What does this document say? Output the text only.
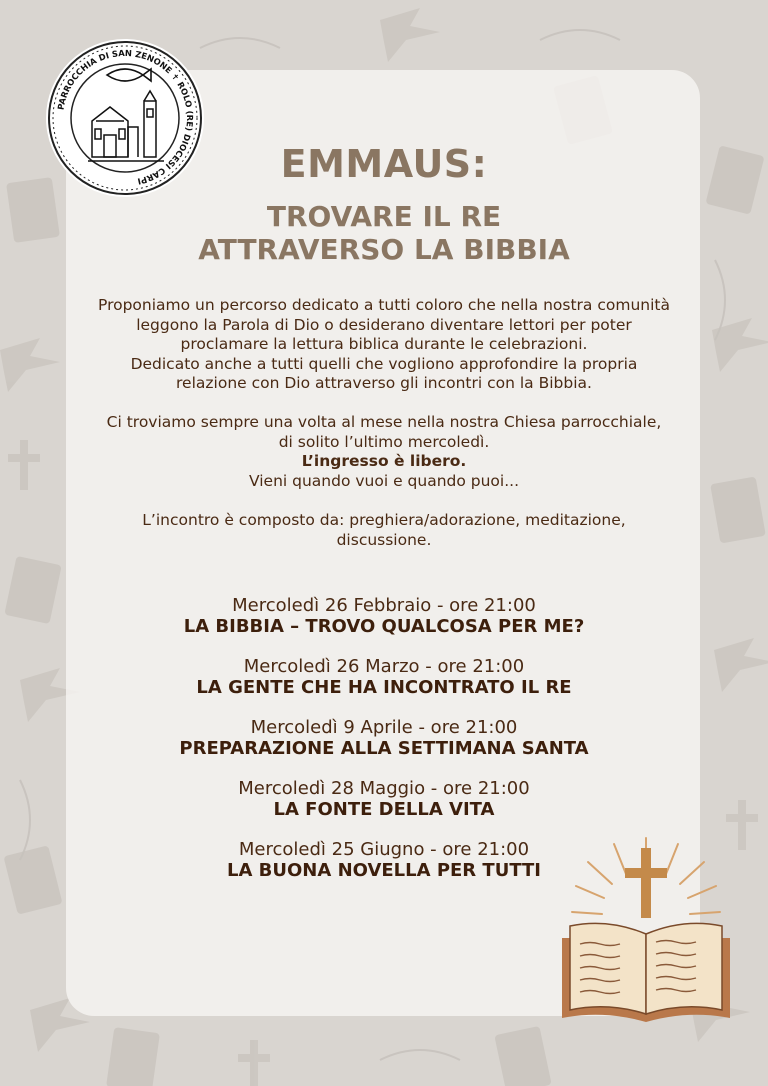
PARROCCHIA DI SAN ZENONE ✝ ROLO (RE) DIOCESI CARPI	EMMAUS:
TROVARE IL RE
ATTRAVERSO LA BIBBIA
Proponiamo un percorso dedicato a tutti coloro che nella nostra comunità
leggono la Parola di Dio o desiderano diventare lettori per poter
proclamare la lettura biblica durante le celebrazioni.
Dedicato anche a tutti quelli che vogliono approfondire la propria
relazione con Dio attraverso gli incontri con la Bibbia.
Ci troviamo sempre una volta al mese nella nostra Chiesa parrocchiale,
di solito l’ultimo mercoledì.
L’ingresso è libero.
Vieni quando vuoi e quando puoi...
L’incontro è composto da: preghiera/adorazione, meditazione,
discussione.
Mercoledì 26 Febbraio - ore 21:00
LA BIBBIA – TROVO QUALCOSA PER ME?
Mercoledì 26 Marzo - ore 21:00
LA GENTE CHE HA INCONTRATO IL RE
Mercoledì 9 Aprile - ore 21:00
PREPARAZIONE ALLA SETTIMANA SANTA
Mercoledì 28 Maggio - ore 21:00
LA FONTE DELLA VITA
Mercoledì 25 Giugno - ore 21:00
LA BUONA NOVELLA PER TUTTI
